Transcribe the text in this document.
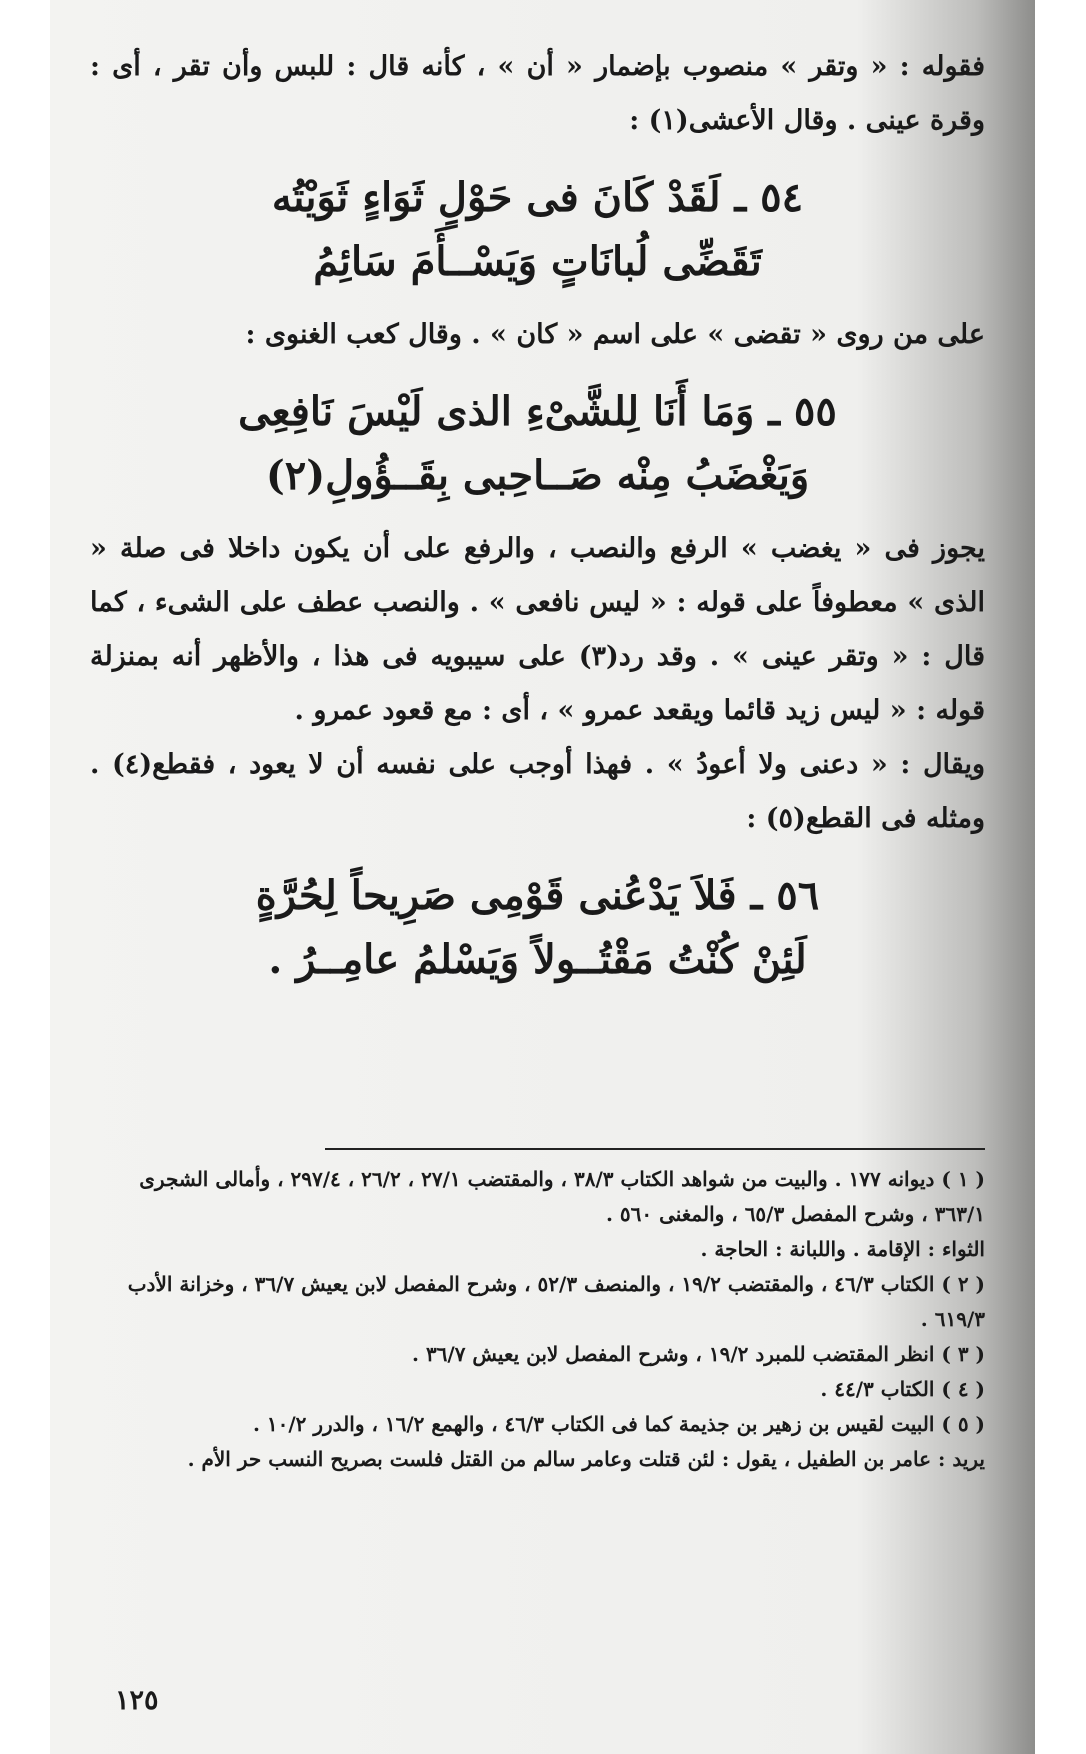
فقوله : « وتقر » منصوب بإضمار « أن » ، كأنه قال : للبس وأن تقر ، أى : وقرة عينى . وقال الأعشى(١) :

٥٤ ـ لَقَدْ كَانَ فى حَوْلٍ ثَوَاءٍ ثَوَيْتُه

تَقَضِّى لُبانَاتٍ وَيَسْــأَمَ سَائِمُ

على من روى « تقضى » على اسم « كان » . وقال كعب الغنوى :

٥٥ ـ وَمَا أَنَا لِلشَّىْءِ الذى لَيْسَ نَافِعِى

وَيَغْضَبُ مِنْه صَــاحِبى بِقَــؤُولِ(٢)

يجوز فى « يغضب » الرفع والنصب ، والرفع على أن يكون داخلا فى صلة « الذى » معطوفاً على قوله : « ليس نافعى » . والنصب عطف على الشىء ، كما قال : « وتقر عينى » . وقد رد(٣) على سيبويه فى هذا ، والأظهر أنه بمنزلة قوله : « ليس زيد قائما ويقعد عمرو » ، أى : مع قعود عمرو .

ويقال : « دعنى ولا أعودُ » . فهذا أوجب على نفسه أن لا يعود ، فقطع(٤) . ومثله فى القطع(٥) :

٥٦ ـ فَلاَ يَدْعُنى قَوْمِى صَرِيحاً لِحُرَّةٍ

لَئِنْ كُنْتُ مَقْتُــولاً وَيَسْلمُ عامِــرُ .

( ١ ) ديوانه ١٧٧ . والبيت من شواهد الكتاب ٣٨/٣ ، والمقتضب ٢٧/١ ، ٢٦/٢ ، ٢٩٧/٤ ، وأمالى الشجرى ٣٦٣/١ ، وشرح المفصل ٦٥/٣ ، والمغنى ٥٦٠ .

الثواء : الإقامة . واللبانة : الحاجة .

( ٢ ) الكتاب ٤٦/٣ ، والمقتضب ١٩/٢ ، والمنصف ٥٢/٣ ، وشرح المفصل لابن يعيش ٣٦/٧ ، وخزانة الأدب ٦١٩/٣ .

( ٣ ) انظر المقتضب للمبرد ١٩/٢ ، وشرح المفصل لابن يعيش ٣٦/٧ .

( ٤ ) الكتاب ٤٤/٣ .

( ٥ ) البيت لقيس بن زهير بن جذيمة كما فى الكتاب ٤٦/٣ ، والهمع ١٦/٢ ، والدرر ١٠/٢ .

يريد : عامر بن الطفيل ، يقول : لئن قتلت وعامر سالم من القتل فلست بصريح النسب حر الأم .

١٢٥
